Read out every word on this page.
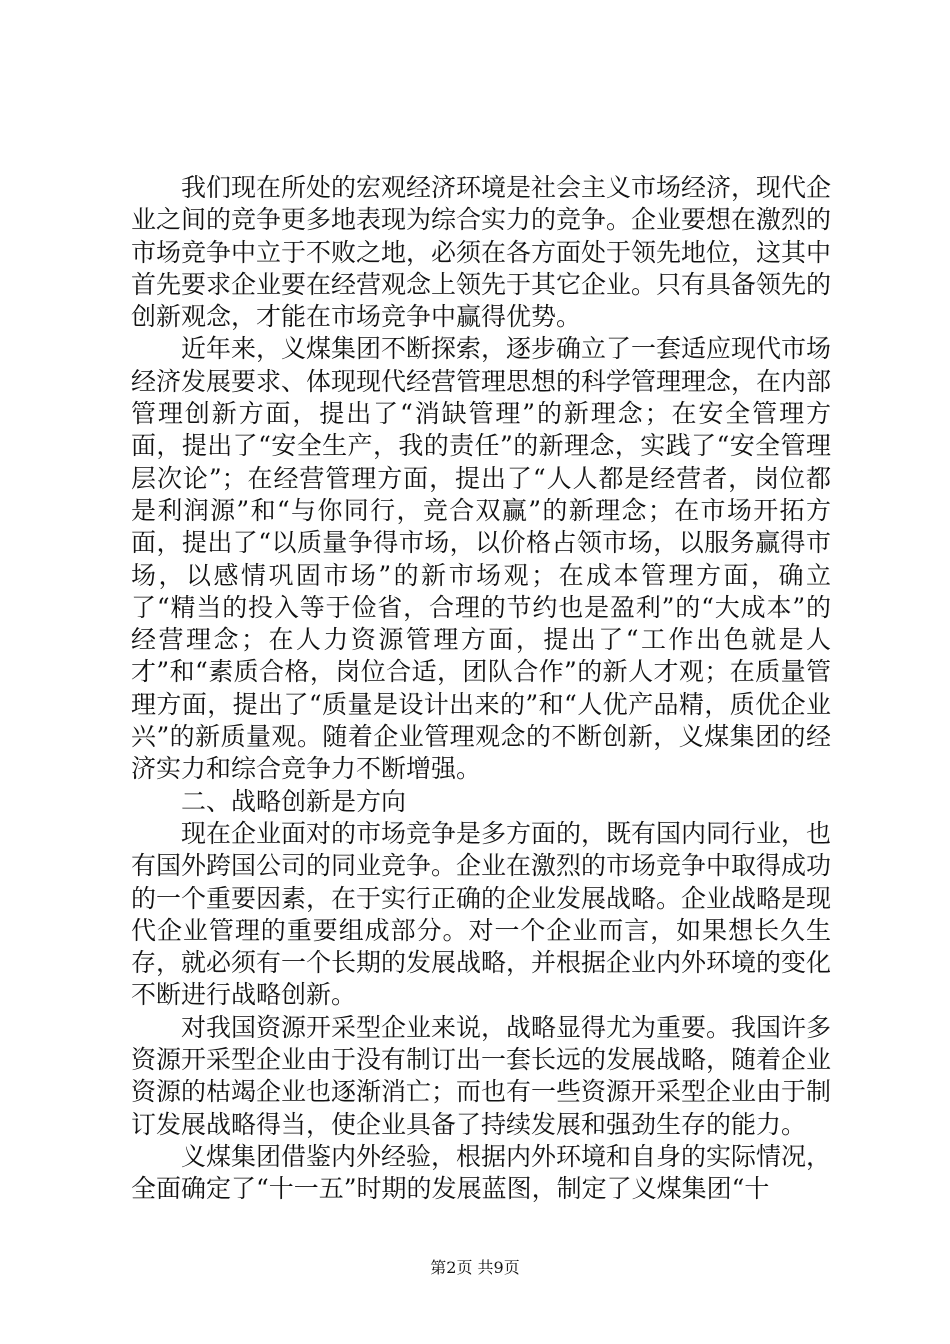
我们现在所处的宏观经济环境是社会主义市场经济，现代企业之间的竞争更多地表现为综合实力的竞争。企业要想在激烈的市场竞争中立于不败之地，必须在各方面处于领先地位，这其中首先要求企业要在经营观念上领先于其它企业。只有具备领先的创新观念，才能在市场竞争中赢得优势。

近年来，义煤集团不断探索，逐步确立了一套适应现代市场经济发展要求、体现现代经营管理思想的科学管理理念，在内部管理创新方面，提出了“消缺管理”的新理念；在安全管理方面，提出了“安全生产，我的责任”的新理念，实践了“安全管理层次论”；在经营管理方面，提出了“人人都是经营者，岗位都是利润源”和“与你同行，竞合双赢”的新理念；在市场开拓方面，提出了“以质量争得市场，以价格占领市场，以服务赢得市场，以感情巩固市场”的新市场观；在成本管理方面，确立了“精当的投入等于俭省，合理的节约也是盈利”的“大成本”的经营理念；在人力资源管理方面，提出了“工作出色就是人才”和“素质合格，岗位合适，团队合作”的新人才观；在质量管理方面，提出了“质量是设计出来的”和“人优产品精，质优企业兴”的新质量观。随着企业管理观念的不断创新，义煤集团的经济实力和综合竞争力不断增强。

二、战略创新是方向

现在企业面对的市场竞争是多方面的，既有国内同行业，也有国外跨国公司的同业竞争。企业在激烈的市场竞争中取得成功的一个重要因素，在于实行正确的企业发展战略。企业战略是现代企业管理的重要组成部分。对一个企业而言，如果想长久生存，就必须有一个长期的发展战略，并根据企业内外环境的变化不断进行战略创新。

对我国资源开采型企业来说，战略显得尤为重要。我国许多资源开采型企业由于没有制订出一套长远的发展战略，随着企业资源的枯竭企业也逐渐消亡；而也有一些资源开采型企业由于制订发展战略得当，使企业具备了持续发展和强劲生存的能力。

义煤集团借鉴内外经验，根据内外环境和自身的实际情况，全面确定了“十一五”时期的发展蓝图，制定了义煤集团“十

第2页 共9页
